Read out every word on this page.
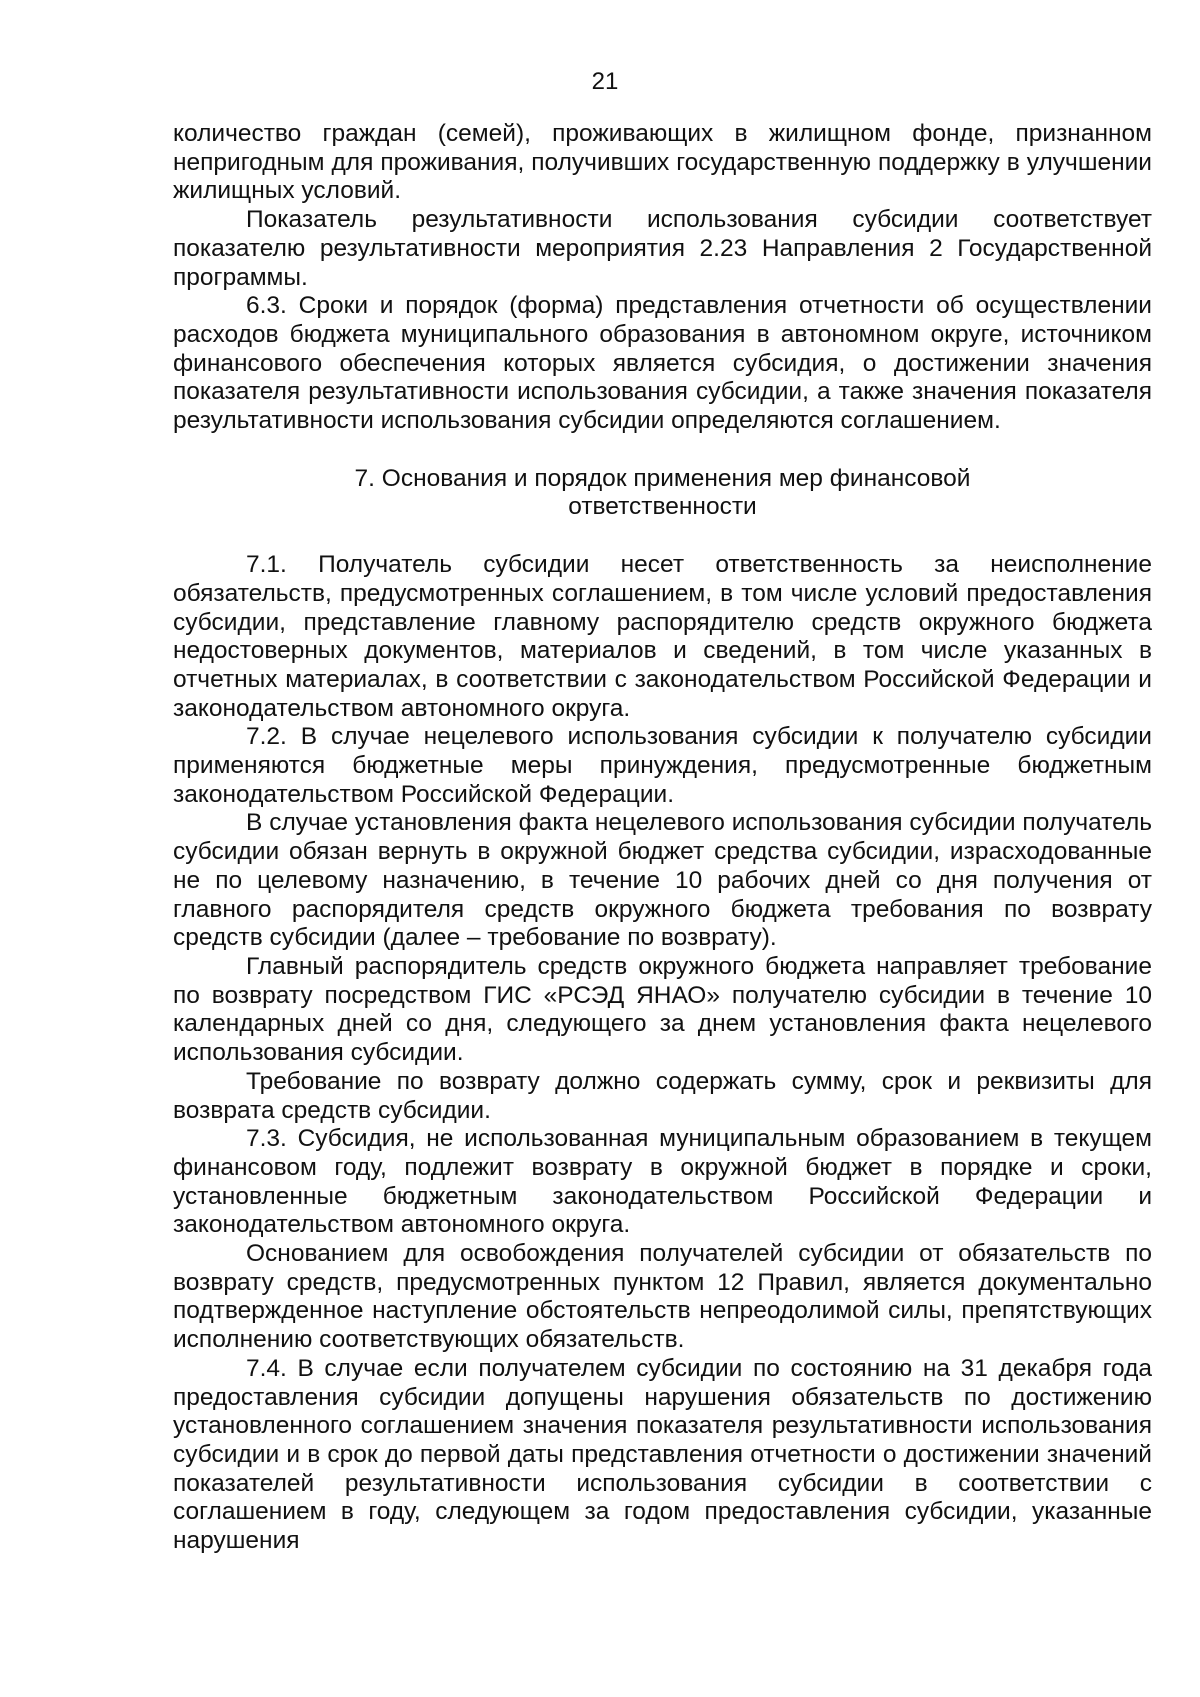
21

количество граждан (семей), проживающих в жилищном фонде, признанном непригодным для проживания, получивших государственную поддержку в улучшении жилищных условий.

Показатель результативности использования субсидии соответствует показателю результативности мероприятия 2.23 Направления 2 Государственной программы.

6.3. Сроки и порядок (форма) представления отчетности об осуществлении расходов бюджета муниципального образования в автономном округе, источником финансового обеспечения которых является субсидия, о достижении значения показателя результативности использования субсидии, а также значения показателя результативности использования субсидии определяются соглашением.

7. Основания и порядок применения мер финансовой
ответственности

7.1. Получатель субсидии несет ответственность за неисполнение обязательств, предусмотренных соглашением, в том числе условий предоставления субсидии, представление главному распорядителю средств окружного бюджета недостоверных документов, материалов и сведений, в том числе указанных в отчетных материалах, в соответствии с законодательством Российской Федерации и законодательством автономного округа.

7.2. В случае нецелевого использования субсидии к получателю субсидии применяются бюджетные меры принуждения, предусмотренные бюджетным законодательством Российской Федерации.

В случае установления факта нецелевого использования субсидии получатель субсидии обязан вернуть в окружной бюджет средства субсидии, израсходованные не по целевому назначению, в течение 10 рабочих дней со дня получения от главного распорядителя средств окружного бюджета требования по возврату средств субсидии (далее – требование по возврату).

Главный распорядитель средств окружного бюджета направляет требование по возврату посредством ГИС «РСЭД ЯНАО» получателю субсидии в течение 10 календарных дней со дня, следующего за днем установления факта нецелевого использования субсидии.

Требование по возврату должно содержать сумму, срок и реквизиты для возврата средств субсидии.

7.3. Субсидия, не использованная муниципальным образованием в текущем финансовом году, подлежит возврату в окружной бюджет в порядке и сроки, установленные бюджетным законодательством Российской Федерации и законодательством автономного округа.

Основанием для освобождения получателей субсидии от обязательств по возврату средств, предусмотренных пунктом 12 Правил, является документально подтвержденное наступление обстоятельств непреодолимой силы, препятствующих исполнению соответствующих обязательств.

7.4. В случае если получателем субсидии по состоянию на 31 декабря года предоставления субсидии допущены нарушения обязательств по достижению установленного соглашением значения показателя результативности использования субсидии и в срок до первой даты представления отчетности о достижении значений показателей результативности использования субсидии в соответствии с соглашением в году, следующем за годом предоставления субсидии, указанные нарушения
